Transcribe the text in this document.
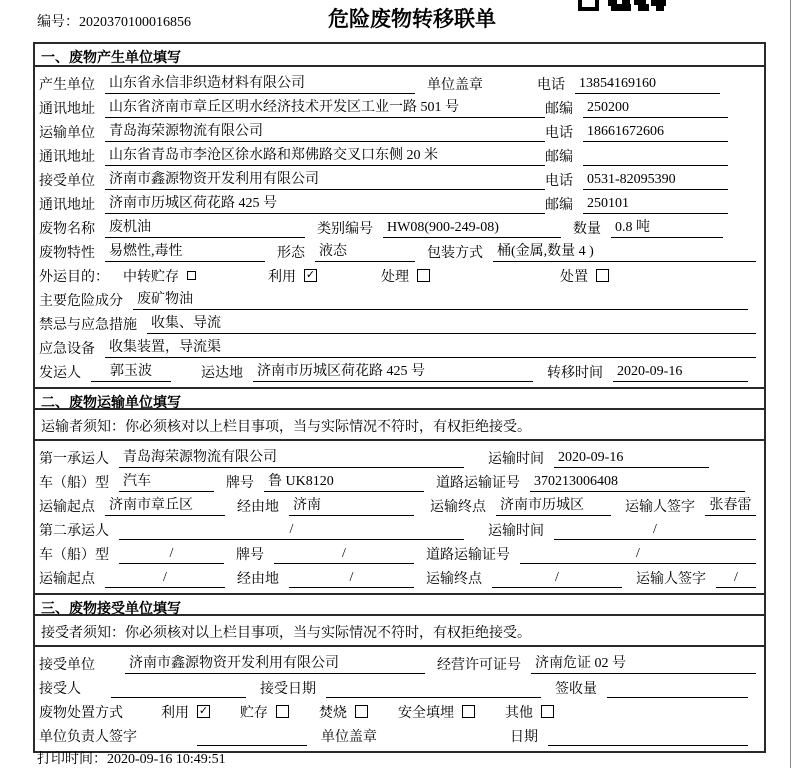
编号：2020370100016856	危险废物转移联单
一、废物产生单位填写
产生单位 山东省永信非织造材料有限公司	单位盖章	电话 13854169160
通讯地址 山东省济南市章丘区明水经济技术开发区工业一路 501 号	邮编 250200
运输单位 青岛海荣源物流有限公司	电话 18661672606
通讯地址 山东省青岛市李沧区徐水路和郑佛路交叉口东侧 20 米	邮编
接受单位 济南市鑫源物资开发利用有限公司	电话 0531-82095390
通讯地址 济南市历城区荷花路 425 号	邮编 250101
废物名称 废机油	类别编号 HW08(900-249-08)	数量 0.8 吨
废物特性 易燃性,毒性	形态 液态	包装方式 桶(金属,数量 4 )
外运目的： 中转贮存	利用 ✓	处理	处置
主要危险成分 废矿物油
禁忌与应急措施 收集、导流
应急设备 收集装置，导流渠
发运人	郭玉波	运达地 济南市历城区荷花路 425 号	转移时间 2020-09-16
二、废物运输单位填写
运输者须知：你必须核对以上栏目事项，当与实际情况不符时，有权拒绝接受。
第一承运人 青岛海荣源物流有限公司	运输时间 2020-09-16
车（船）型 汽车	牌号 鲁 UK8120	道路运输证号 370213006408
运输起点 济南市章丘区	经由地 济南	运输终点 济南市历城区	运输人签字	张春雷
第二承运人	/	运输时间	/
车（船）型	/	牌号	/	道路运输证号	/
运输起点	/	经由地	/	运输终点	/	运输人签字	/
三、废物接受单位填写
接受者须知：你必须核对以上栏目事项，当与实际情况不符时，有权拒绝接受。
接受单位 济南市鑫源物资开发利用有限公司	经营许可证号 济南危证 02 号
接受人	接受日期	签收量
废物处置方式	利用 ✓ 贮存	焚烧	安全填埋	其他
单位负责人签字	单位盖章	日期
打印时间：2020-09-16 10:49:51
